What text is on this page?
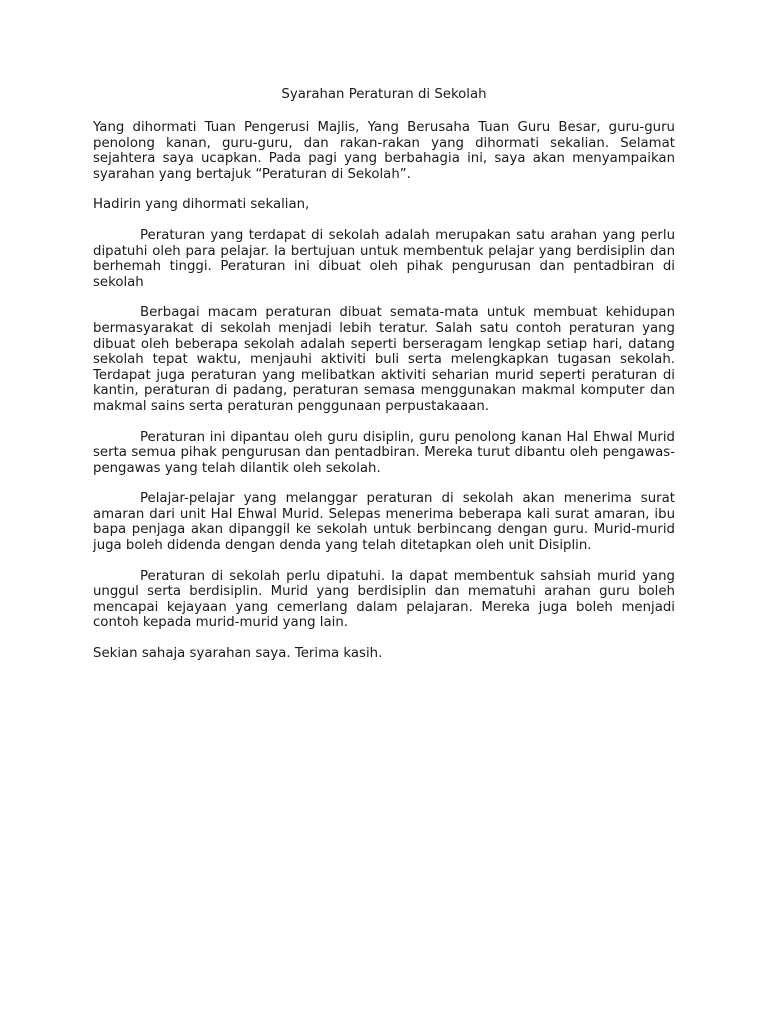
Syarahan Peraturan di Sekolah

Yang dihormati Tuan Pengerusi Majlis, Yang Berusaha Tuan Guru Besar, guru-guru penolong kanan, guru-guru, dan rakan-rakan yang dihormati sekalian. Selamat sejahtera saya ucapkan. Pada pagi yang berbahagia ini, saya akan menyampaikan syarahan yang bertajuk “Peraturan di Sekolah”.

Hadirin yang dihormati sekalian,

Peraturan yang terdapat di sekolah adalah merupakan satu arahan yang perlu dipatuhi oleh para pelajar. Ia bertujuan untuk membentuk pelajar yang berdisiplin dan berhemah tinggi. Peraturan ini dibuat oleh pihak pengurusan dan pentadbiran di sekolah

Berbagai macam peraturan dibuat semata-mata untuk membuat kehidupan bermasyarakat di sekolah menjadi lebih teratur. Salah satu contoh peraturan yang dibuat oleh beberapa sekolah adalah seperti berseragam lengkap setiap hari, datang sekolah tepat waktu, menjauhi aktiviti buli serta melengkapkan tugasan sekolah. Terdapat juga peraturan yang melibatkan aktiviti seharian murid seperti peraturan di kantin, peraturan di padang, peraturan semasa menggunakan makmal komputer dan makmal sains serta peraturan penggunaan perpustakaaan.

Peraturan ini dipantau oleh guru disiplin, guru penolong kanan Hal Ehwal Murid serta semua pihak pengurusan dan pentadbiran. Mereka turut dibantu oleh pengawas-pengawas yang telah dilantik oleh sekolah.

Pelajar-pelajar yang melanggar peraturan di sekolah akan menerima surat amaran dari unit Hal Ehwal Murid. Selepas menerima beberapa kali surat amaran, ibu bapa penjaga akan dipanggil ke sekolah untuk berbincang dengan guru. Murid-murid juga boleh didenda dengan denda yang telah ditetapkan oleh unit Disiplin.

Peraturan di sekolah perlu dipatuhi. Ia dapat membentuk sahsiah murid yang unggul serta berdisiplin. Murid yang berdisiplin dan mematuhi arahan guru boleh mencapai kejayaan yang cemerlang dalam pelajaran. Mereka juga boleh menjadi contoh kepada murid-murid yang lain.

Sekian sahaja syarahan saya. Terima kasih.
